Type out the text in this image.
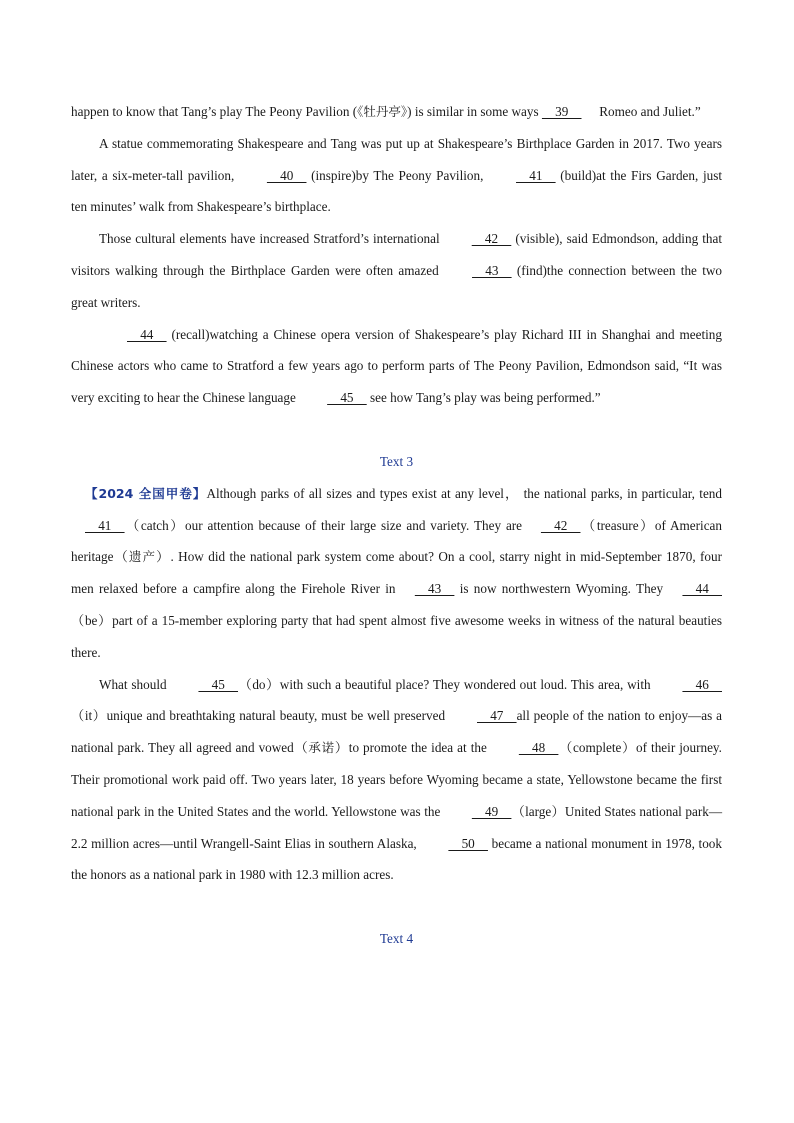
happen to know that Tang’s play The Peony Pavilion (《牡丹亭》) is similar in some ways     39     Romeo and Juliet.”

A statue commemorating Shakespeare and Tang was put up at Shakespeare’s Birthplace Garden in 2017. Two years later, a six-meter-tall pavilion,     40     (inspire)by The Peony Pavilion,     41     (build)at the Firs Garden, just ten minutes’ walk from Shakespeare’s birthplace.

Those cultural elements have increased Stratford’s international     42     (visible), said Edmondson, adding that visitors walking through the Birthplace Garden were often amazed     43     (find)the connection between the two great writers.

44     (recall)watching a Chinese opera version of Shakespeare’s play Richard III in Shanghai and meeting Chinese actors who came to Stratford a few years ago to perform parts of The Peony Pavilion, Edmondson said, “It was very exciting to hear the Chinese language     45     see how Tang’s play was being performed.”

Text 3

【2024 全国甲卷】Although parks of all sizes and types exist at any level， the national parks, in particular, tend     41    （catch）our attention because of their large size and variety. They are     42    （treasure）of American heritage（遗产）. How did the national park system come about? On a cool, starry night in mid-September 1870, four men relaxed before a campfire along the Firehole River in     43     is now northwestern Wyoming. They     44    （be）part of a 15-member exploring party that had spent almost five awesome weeks in witness of the natural beauties there.

What should     45    （do）with such a beautiful place? They wondered out loud. This area, with     46    （it）unique and breathtaking natural beauty, must be well preserved     47    all people of the nation to enjoy—as a national park. They all agreed and vowed（承诺）to promote the idea at the     48    （complete）of their journey. Their promotional work paid off. Two years later, 18 years before Wyoming became a state, Yellowstone became the first national park in the United States and the world. Yellowstone was the     49    （large）United States national park—2.2 million acres—until Wrangell-Saint Elias in southern Alaska,     50     became a national monument in 1978, took the honors as a national park in 1980 with 12.3 million acres.

Text 4
